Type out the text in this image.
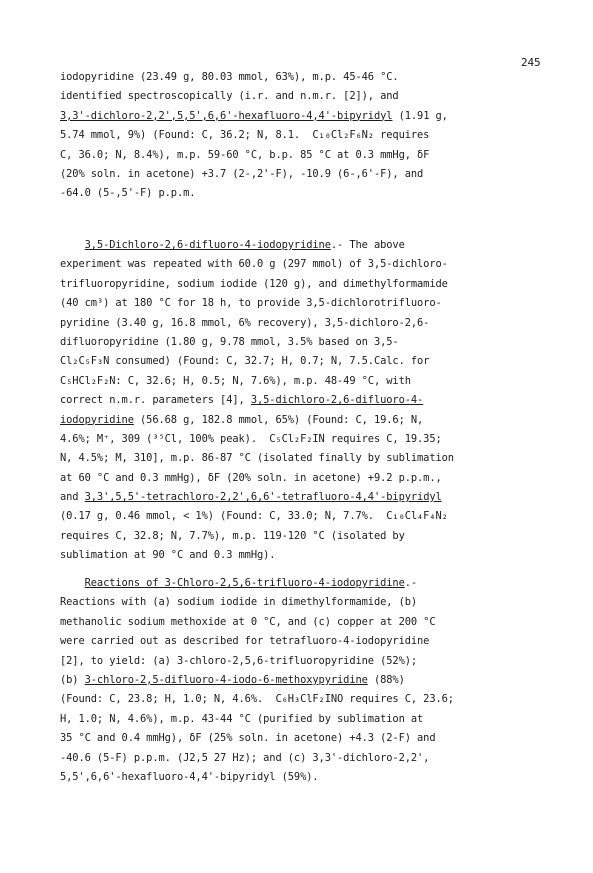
245
iodopyridine (23.49 g, 80.03 mmol, 63%), m.p. 45-46 °C.
identified spectroscopically (i.r. and n.m.r. [2]), and
3,3'-dichloro-2,2',5,5',6,6'-hexafluoro-4,4'-bipyridyl (1.91 g,
5.74 mmol, 9%) (Found: C, 36.2; N, 8.1.  C₁₀Cl₂F₆N₂ requires
C, 36.0; N, 8.4%), m.p. 59-60 °C, b.p. 85 °C at 0.3 mmHg, δF
(20% soln. in acetone) +3.7 (2-,2'-F), -10.9 (6-,6'-F), and
-64.0 (5-,5'-F) p.p.m.
3,5-Dichloro-2,6-difluoro-4-iodopyridine.- The above
experiment was repeated with 60.0 g (297 mmol) of 3,5-dichloro-
trifluoropyridine, sodium iodide (120 g), and dimethylformamide
(40 cm³) at 180 °C for 18 h, to provide 3,5-dichlorotrifluoro-
pyridine (3.40 g, 16.8 mmol, 6% recovery), 3,5-dichloro-2,6-
difluoropyridine (1.80 g, 9.78 mmol, 3.5% based on 3,5-
Cl₂C₅F₃N consumed) (Found: C, 32.7; H, 0.7; N, 7.5.Calc. for
C₅HCl₂F₂N: C, 32.6; H, 0.5; N, 7.6%), m.p. 48-49 °C, with
correct n.m.r. parameters [4], 3,5-dichloro-2,6-difluoro-4-
iodopyridine (56.68 g, 182.8 mmol, 65%) (Found: C, 19.6; N,
4.6%; M⁺, 309 (³⁵Cl, 100% peak).  C₅Cl₂F₂IN requires C, 19.35;
N, 4.5%; M, 310], m.p. 86-87 °C (isolated finally by sublimation
at 60 °C and 0.3 mmHg), δF (20% soln. in acetone) +9.2 p.p.m.,
and 3,3',5,5'-tetrachloro-2,2',6,6'-tetrafluoro-4,4'-bipyridyl
(0.17 g, 0.46 mmol, < 1%) (Found: C, 33.0; N, 7.7%.  C₁₀Cl₄F₄N₂
requires C, 32.8; N, 7.7%), m.p. 119-120 °C (isolated by
sublimation at 90 °C and 0.3 mmHg).
Reactions of 3-Chloro-2,5,6-trifluoro-4-iodopyridine.-
Reactions with (a) sodium iodide in dimethylformamide, (b)
methanolic sodium methoxide at 0 °C, and (c) copper at 200 °C
were carried out as described for tetrafluoro-4-iodopyridine
[2], to yield: (a) 3-chloro-2,5,6-trifluoropyridine (52%);
(b) 3-chloro-2,5-difluoro-4-iodo-6-methoxypyridine (88%)
(Found: C, 23.8; H, 1.0; N, 4.6%.  C₆H₃ClF₂INO requires C, 23.6;
H, 1.0; N, 4.6%), m.p. 43-44 °C (purified by sublimation at
35 °C and 0.4 mmHg), δF (25% soln. in acetone) +4.3 (2-F) and
-40.6 (5-F) p.p.m. (J2,5 27 Hz); and (c) 3,3'-dichloro-2,2',
5,5',6,6'-hexafluoro-4,4'-bipyridyl (59%).
